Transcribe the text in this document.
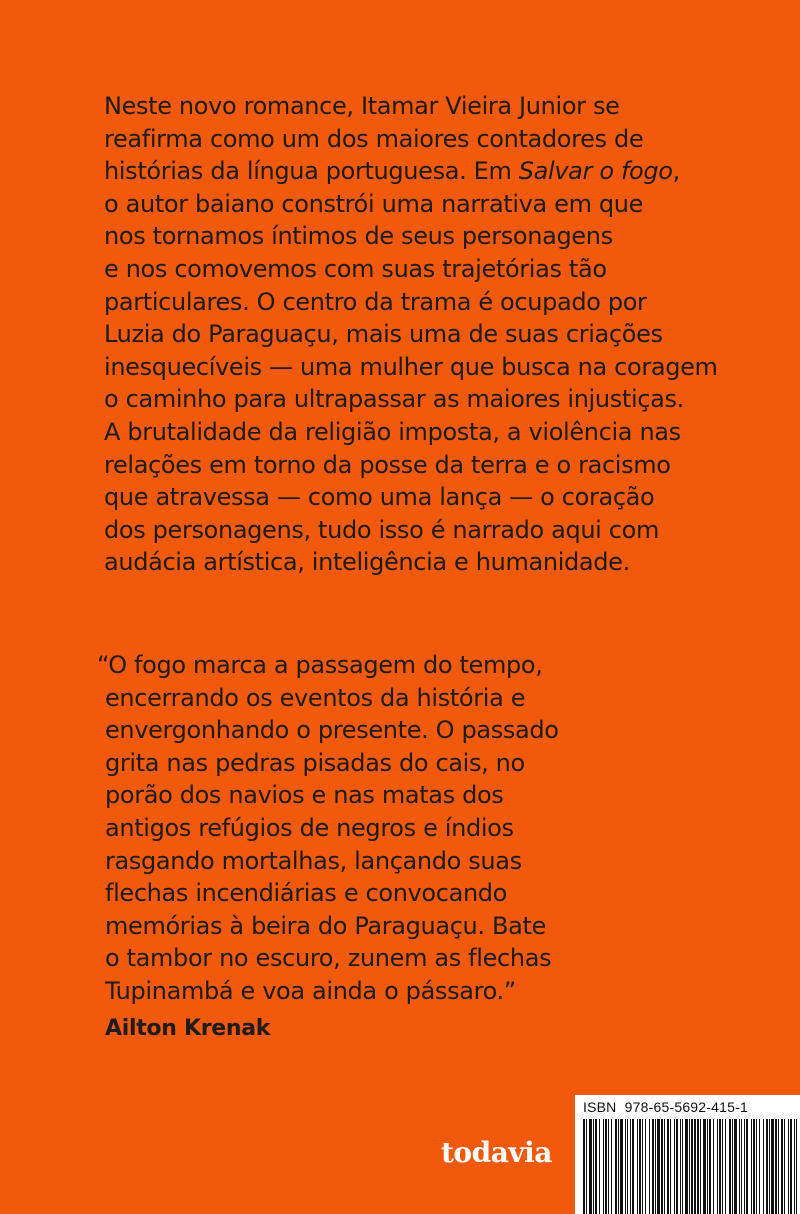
Neste novo romance, Itamar Vieira Junior se
reafirma como um dos maiores contadores de
histórias da língua portuguesa. Em Salvar o fogo,
o autor baiano constrói uma narrativa em que
nos tornamos íntimos de seus personagens
e nos comovemos com suas trajetórias tão
particulares. O centro da trama é ocupado por
Luzia do Paraguaçu, mais uma de suas criações
inesquecíveis — uma mulher que busca na coragem
o caminho para ultrapassar as maiores injustiças.
A brutalidade da religião imposta, a violência nas
relações em torno da posse da terra e o racismo
que atravessa — como uma lança — o coração
dos personagens, tudo isso é narrado aqui com
audácia artística, inteligência e humanidade.
“O fogo marca a passagem do tempo,
encerrando os eventos da história e
envergonhando o presente. O passado
grita nas pedras pisadas do cais, no
porão dos navios e nas matas dos
antigos refúgios de negros e índios
rasgando mortalhas, lançando suas
flechas incendiárias e convocando
memórias à beira do Paraguaçu. Bate
o tambor no escuro, zunem as flechas
Tupinambá e voa ainda o pássaro.”
Ailton Krenak
todavia
ISBN 978-65-5692-415-1
